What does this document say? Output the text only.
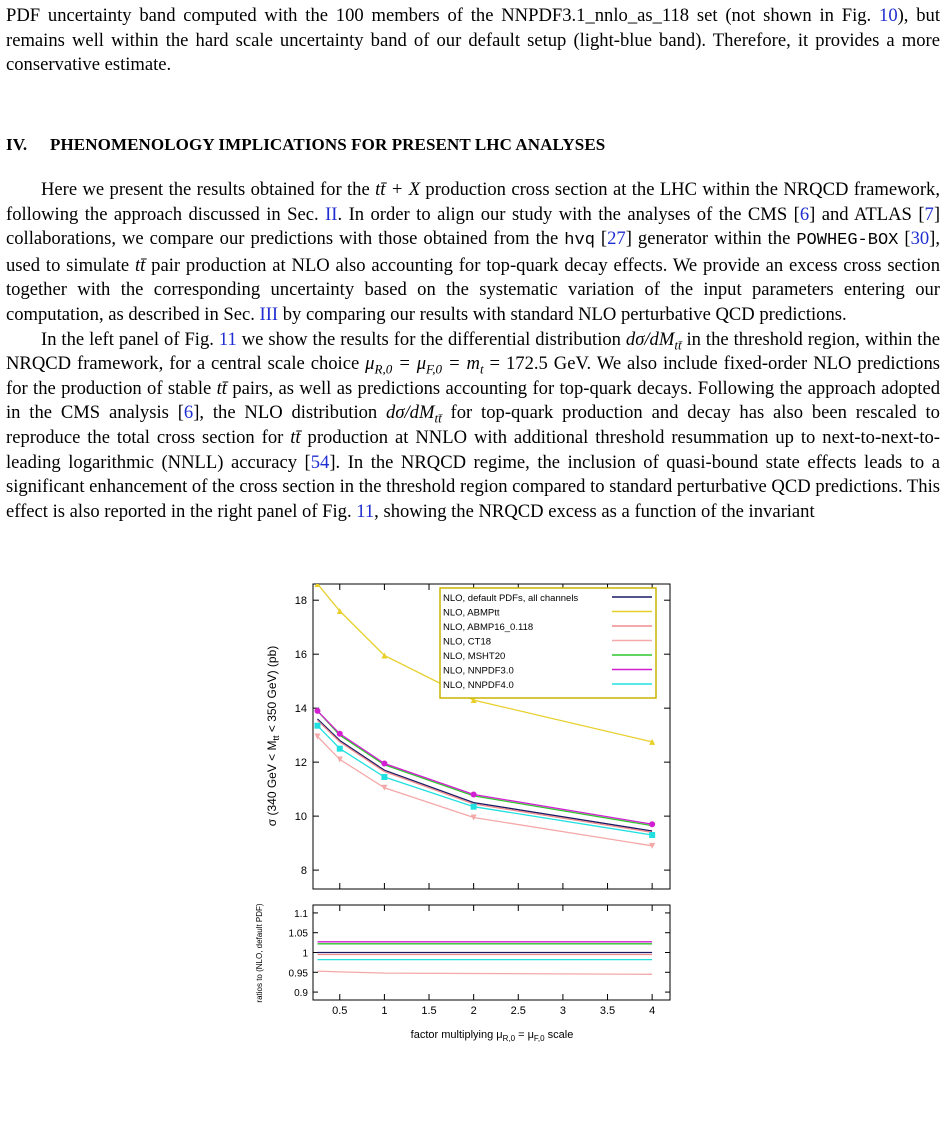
PDF uncertainty band computed with the 100 members of the NNPDF3.1_nnlo_as_118 set (not shown in Fig. 10), but remains well within the hard scale uncertainty band of our default setup (light-blue band). Therefore, it provides a more conservative estimate.

IV. PHENOMENOLOGY IMPLICATIONS FOR PRESENT LHC ANALYSES

Here we present the results obtained for the tt̄ + X production cross section at the LHC within the NRQCD framework, following the approach discussed in Sec. II. In order to align our study with the analyses of the CMS [6] and ATLAS [7] collaborations, we compare our predictions with those obtained from the hvq [27] generator within the POWHEG-BOX [30], used to simulate tt̄ pair production at NLO also accounting for top-quark decay effects. We provide an excess cross section together with the corresponding uncertainty based on the systematic variation of the input parameters entering our computation, as described in Sec. III by comparing our results with standard NLO perturbative QCD predictions.

In the left panel of Fig. 11 we show the results for the differential distribution $d\sigma/dM_{tt̄}$ in the threshold region, within the NRQCD framework, for a central scale choice $\mu_{R,0} = \mu_{F,0} = m_t = 172.5$ GeV. We also include fixed-order NLO predictions for the production of stable tt̄ pairs, as well as predictions accounting for top-quark decays. Following the approach adopted in the CMS analysis [6], the NLO distribution $d\sigma/dM_{tt̄}$ for top-quark production and decay has also been rescaled to reproduce the total cross section for tt̄ production at NNLO with additional threshold resummation up to next-to-next-to-leading logarithmic (NNLL) accuracy [54]. In the NRQCD regime, the inclusion of quasi-bound state effects leads to a significant enhancement of the cross section in the threshold region compared to standard perturbative QCD predictions. This effect is also reported in the right panel of Fig. 11, showing the NRQCD excess as a function of the invariant

8
10
12
14
16
18
0.5	1	1.5	2	2.5	3	3.5	4
0.9
0.95
1
1.05
1.1
NLO, default PDFs, all channels
NLO, ABMPtt
NLO, ABMP16_0.118
NLO, CT18
NLO, MSHT20
NLO, NNPDF3.0
NLO, NNPDF4.0
σ (340 GeV < $M_{tt} < 350$ GeV) (pb)
ratios to (NLO, default PDF)
factor multiplying $\mu_{R,0} = \mu_{F,0}$ scale
